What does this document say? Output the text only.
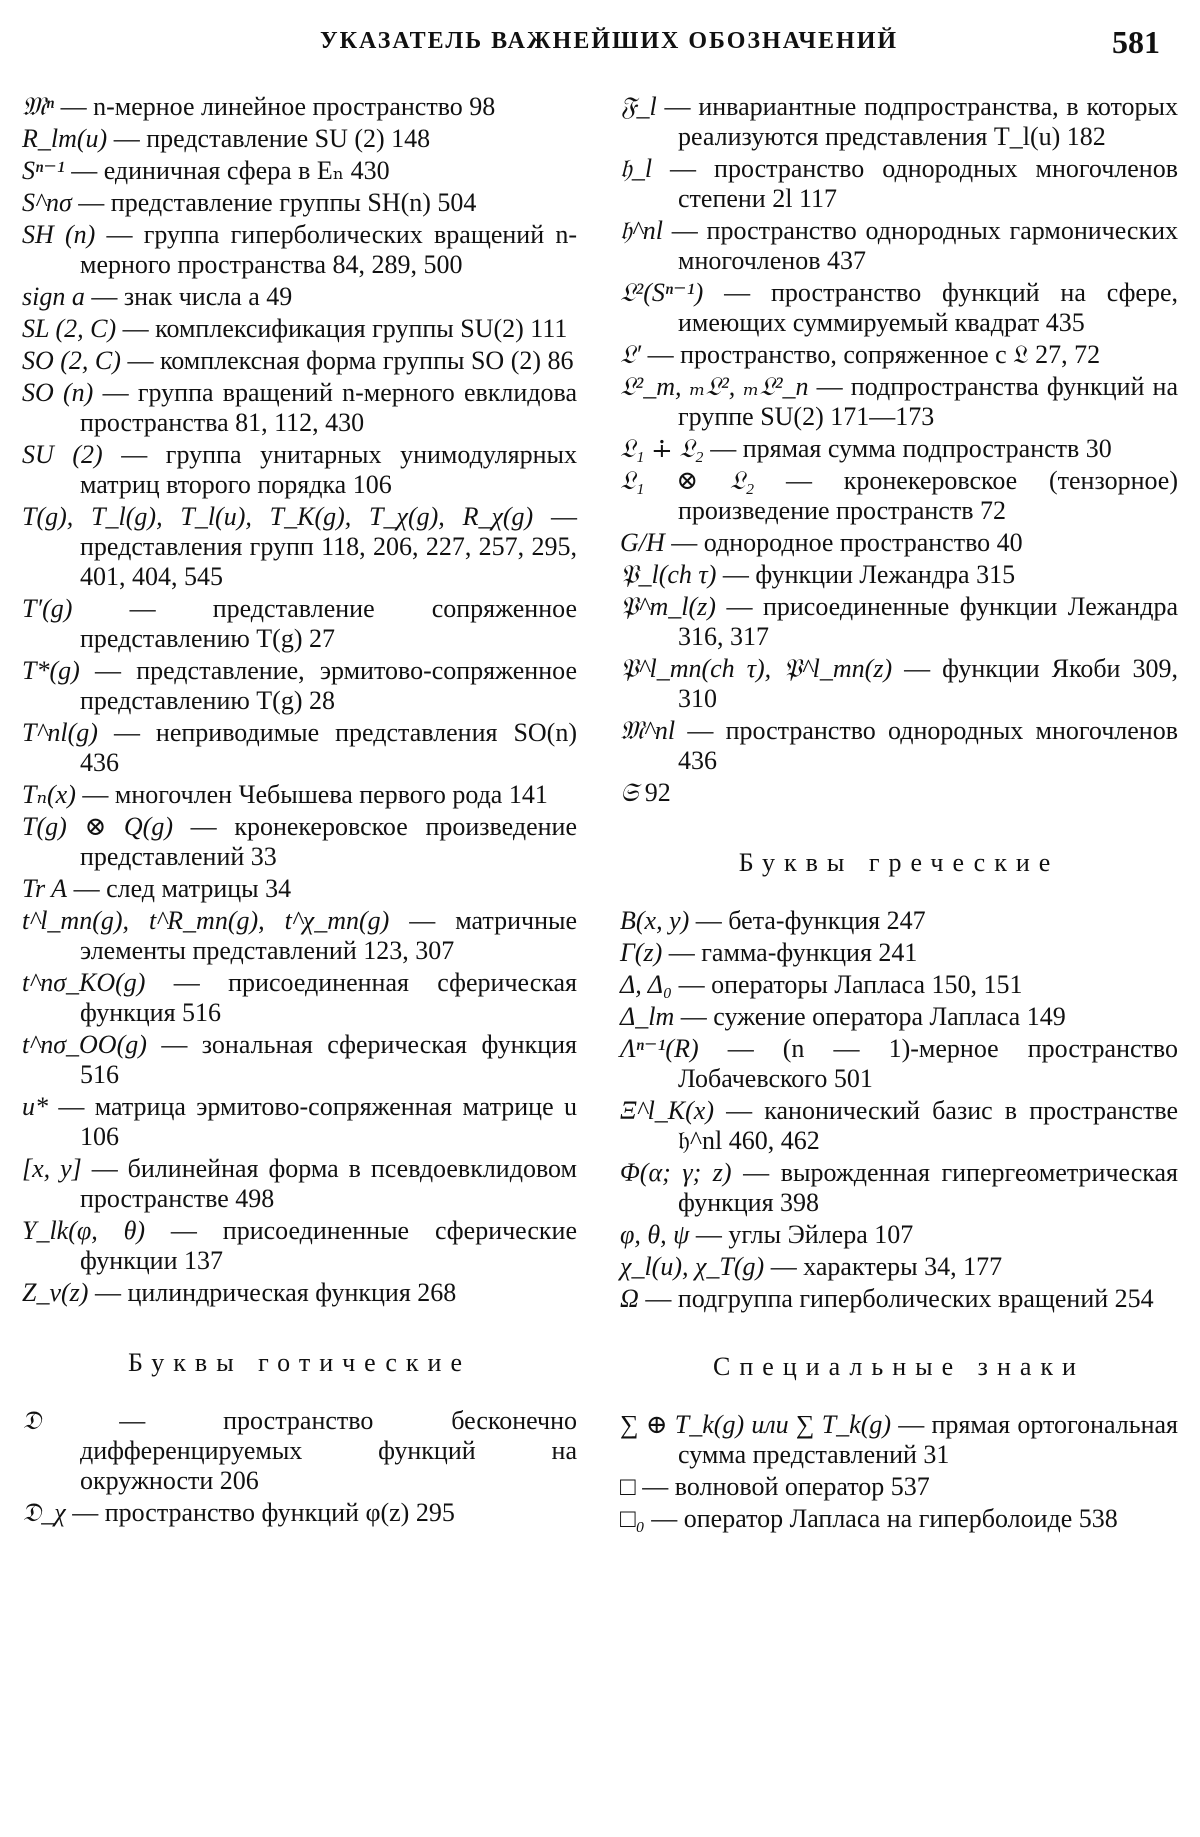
УКАЗАТЕЛЬ ВАЖНЕЙШИХ ОБОЗНАЧЕНИЙ	581
𝔐ⁿ — n-мерное линейное пространство 98
R_lm(u) — представление SU (2) 148
Sⁿ⁻¹ — единичная сфера в Eₙ 430
S^nσ — представление группы SH(n) 504
SH (n) — группа гиперболических вращений n-мерного пространства 84, 289, 500
sign a — знак числа a 49
SL (2, C) — комплексификация группы SU(2) 111
SO (2, C) — комплексная форма группы SO (2) 86
SO (n) — группа вращений n-мерного евклидова пространства 81, 112, 430
SU (2) — группа унитарных унимодулярных матриц второго порядка 106
T(g), T_l(g), T_l(u), T_K(g), T_χ(g), R_χ(g) — представления групп 118, 206, 227, 257, 295, 401, 404, 545
T′(g) — представление сопряженное представлению T(g) 27
T*(g) — представление, эрмитово-сопряженное представлению T(g) 28
T^nl(g) — неприводимые представления SO(n) 436
Tₙ(x) — многочлен Чебышева первого рода 141
T(g) ⊗ Q(g) — кронекеровское произведение представлений 33
Tr A — след матрицы 34
t^l_mn(g), t^R_mn(g), t^χ_mn(g) — матричные элементы представлений 123, 307
t^nσ_KO(g) — присоединенная сферическая функция 516
t^nσ_OO(g) — зональная сферическая функция 516
u* — матрица эрмитово-сопряженная матрице u 106
[x, y] — билинейная форма в псевдоевклидовом пространстве 498
Y_lk(φ, θ) — присоединенные сферические функции 137
Z_ν(z) — цилиндрическая функция 268
Буквы готические
𝔇 — пространство бесконечно дифференцируемых функций на окружности 206
𝔇_χ — пространство функций φ(z) 295
𝔉_l — инвариантные подпространства, в которых реализуются представления T_l(u) 182
𝔥_l — пространство однородных многочленов степени 2l 117
𝔥^nl — пространство однородных гармонических многочленов 437
𝔏²(Sⁿ⁻¹) — пространство функций на сфере, имеющих суммируемый квадрат 435
𝔏′ — пространство, сопряженное с 𝔏 27, 72
𝔏²_m, ₘ𝔏², ₘ𝔏²_n — подпространства функций на группе SU(2) 171—173
𝔏₁ ∔ 𝔏₂ — прямая сумма подпространств 30
𝔏₁ ⊗ 𝔏₂ — кронекеровское (тензорное) произведение пространств 72
G/H — однородное пространство 40
𝔓_l(ch τ) — функции Лежандра 315
𝔓^m_l(z) — присоединенные функции Лежандра 316, 317
𝔓^l_mn(ch τ), 𝔓^l_mn(z) — функции Якоби 309, 310
𝔐^nl — пространство однородных многочленов 436
𝔖 92
Буквы греческие
B(x, y) — бета-функция 247
Γ(z) — гамма-функция 241
Δ, Δ₀ — операторы Лапласа 150, 151
Δ_lm — сужение оператора Лапласа 149
Λⁿ⁻¹(R) — (n — 1)-мерное пространство Лобачевского 501
Ξ^l_K(x) — канонический базис в пространстве 𝔥^nl 460, 462
Φ(α; γ; z) — вырожденная гипергеометрическая функция 398
φ, θ, ψ — углы Эйлера 107
χ_l(u), χ_T(g) — характеры 34, 177
Ω — подгруппа гиперболических вращений 254
Специальные знаки
∑ ⊕ T_k(g) или ∑ T_k(g) — прямая ортогональная сумма представлений 31
□ — волновой оператор 537
□₀ — оператор Лапласа на гиперболоиде 538
